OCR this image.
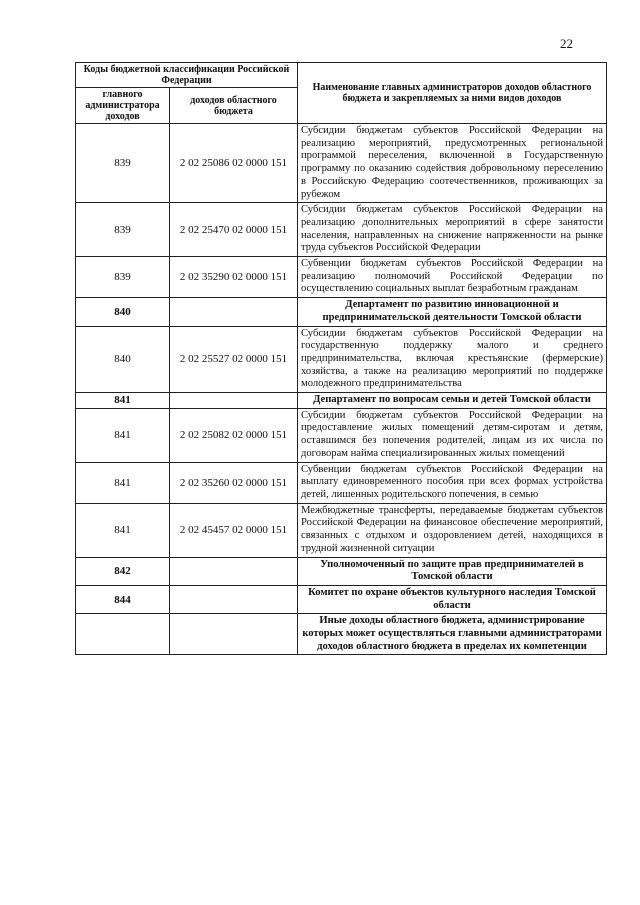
22
Коды бюджетной классификации Российской Федерации		Наименование главных администраторов доходов областного бюджета и закрепляемых за ними видов доходов
главного администратора доходов	доходов областного бюджета	
839	2 02 25086 02 0000 151	Субсидии бюджетам субъектов Российской Федерации на реализацию мероприятий, предусмотренных региональной программой переселения, включенной в Государственную программу по оказанию содействия добровольному переселению в Российскую Федерацию соотечественников, проживающих за рубежом
839	2 02 25470 02 0000 151	Субсидии бюджетам субъектов Российской Федерации на реализацию дополнительных мероприятий в сфере занятости населения, направленных на снижение напряженности на рынке труда субъектов Российской Федерации
839	2 02 35290 02 0000 151	Субвенции бюджетам субъектов Российской Федерации на реализацию полномочий Российской Федерации по осуществлению социальных выплат безработным гражданам
840		Департамент по развитию инновационной и предпринимательской деятельности Томской области
840	2 02 25527 02 0000 151	Субсидии бюджетам субъектов Российской Федерации на государственную поддержку малого и среднего предпринимательства, включая крестьянские (фермерские) хозяйства, а также на реализацию мероприятий по поддержке молодежного предпринимательства
841		Департамент по вопросам семьи и детей Томской области
841	2 02 25082 02 0000 151	Субсидии бюджетам субъектов Российской Федерации на предоставление жилых помещений детям-сиротам и детям, оставшимся без попечения родителей, лицам из их числа по договорам найма специализированных жилых помещений
841	2 02 35260 02 0000 151	Субвенции бюджетам субъектов Российской Федерации на выплату единовременного пособия при всех формах устройства детей, лишенных родительского попечения, в семью
841	2 02 45457 02 0000 151	Межбюджетные трансферты, передаваемые бюджетам субъектов Российской Федерации на финансовое обеспечение мероприятий, связанных с отдыхом и оздоровлением детей, находящихся в трудной жизненной ситуации
842		Уполномоченный по защите прав предпринимателей в Томской области
844		Комитет по охране объектов культурного наследия Томской области
		Иные доходы областного бюджета, администрирование которых может осуществляться главными администраторами доходов областного бюджета в пределах их компетенции
